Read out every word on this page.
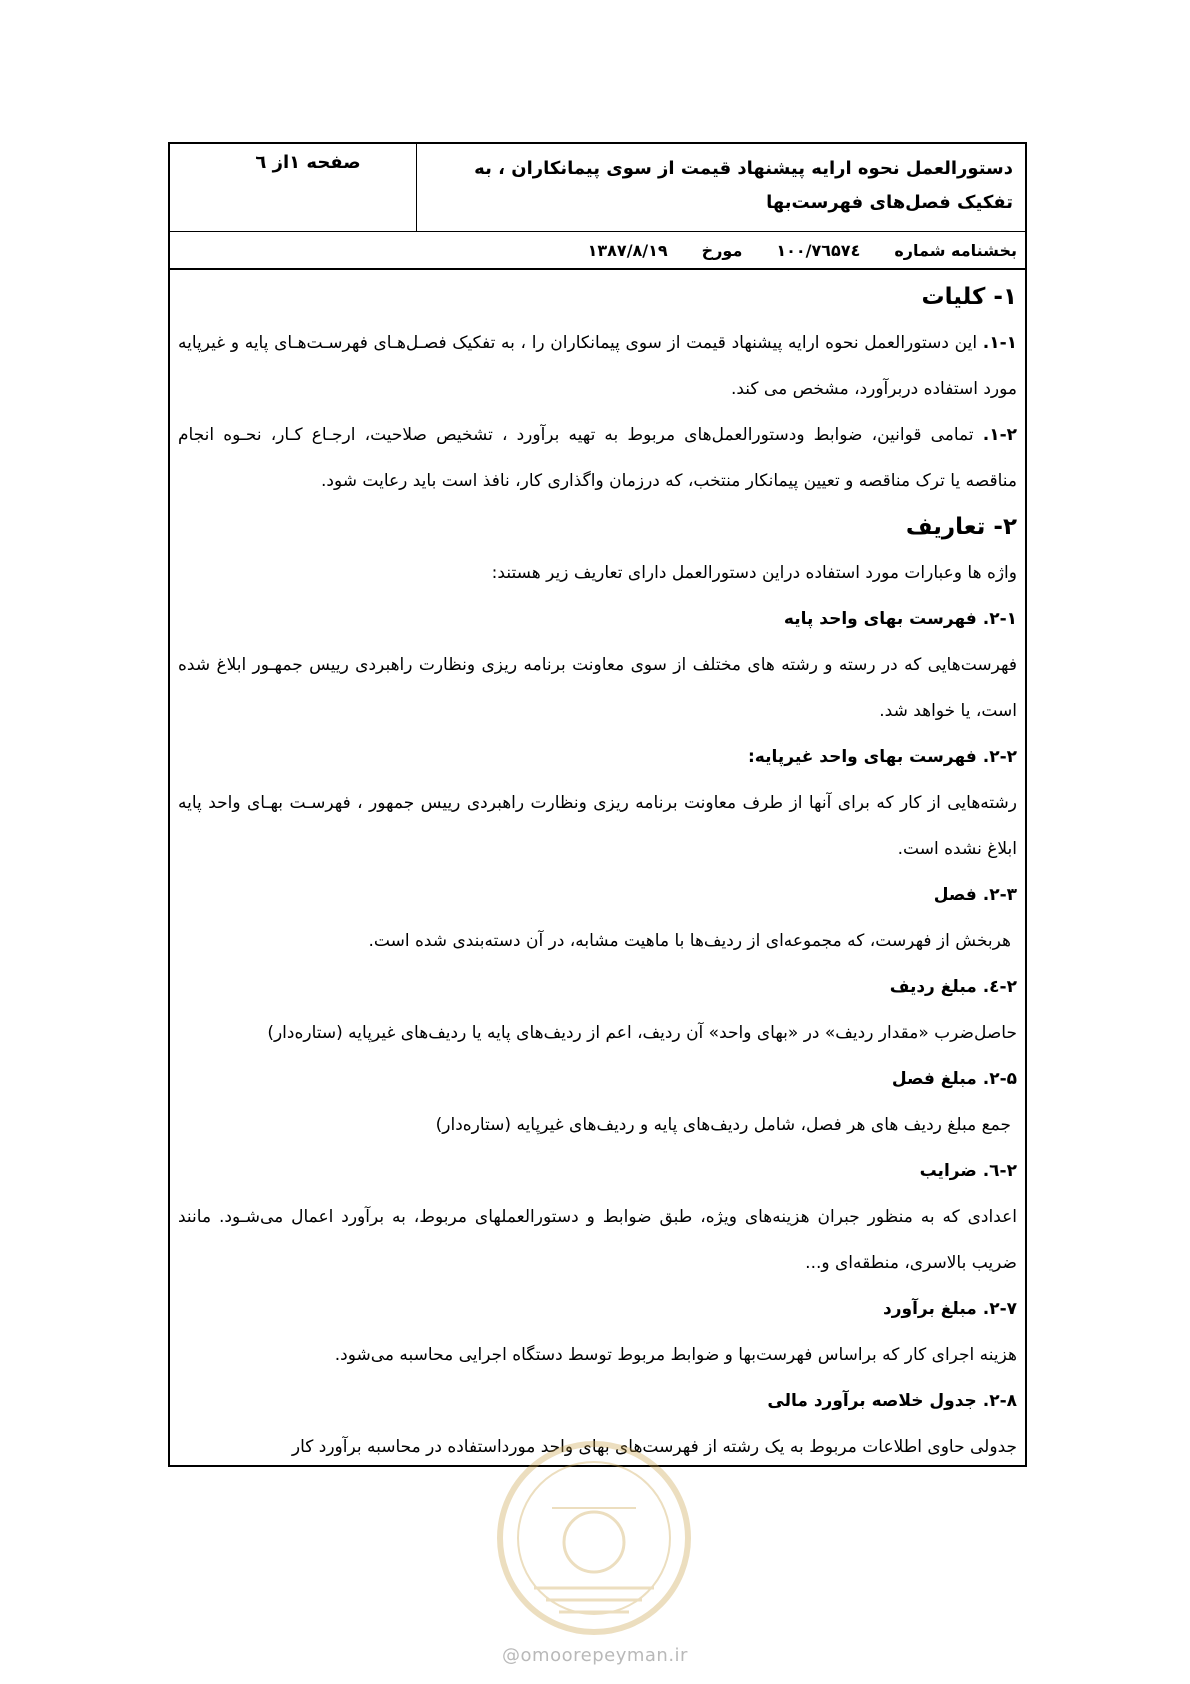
دستورالعمل نحوه ارایه پیشنهاد قیمت از سوی پیمانکاران ، به تفکیک فصل‌های فهرست‌بها
صفحه ۱از ٦
بخشنامه شماره
۱۰۰/۷٦۵۷٤
مورخ
۱۳۸۷/۸/۱۹

۱- کلیات

۱-۱. این دستورالعمل نحوه ارایه پیشنهاد قیمت از سوی پیمانکاران را ، به تفکیک فصـل‌هـای فهرسـت‌هـای پایه و غیرپایه مورد استفاده دربرآورد، مشخص می کند.

۱-۲. تمامی قوانین، ضوابط ودستورالعمل‌های مربوط به تهیه برآورد ، تشخیص صلاحیت، ارجـاع کـار، نحـوه انجام مناقصه یا ترک مناقصه و تعیین پیمانکار منتخب، که درزمان واگذاری کار، نافذ است باید رعایت شود.

۲- تعاریف

واژه ها وعبارات مورد استفاده دراین دستورالعمل دارای تعاریف زیر هستند:

۲-۱. فهرست بهای واحد پایه

فهرست‌هایی که در رسته و رشته های مختلف از سوی معاونت برنامه ریزی ونظارت راهبردی رییس جمهـور ابلاغ شده است، یا خواهد شد.

۲-۲. فهرست بهای واحد غیرپایه:

رشته‌هایی از کار که برای آنها از طرف معاونت برنامه ریزی ونظارت راهبردی رییس جمهور ، فهرسـت بهـای واحد پایه ابلاغ نشده است.

۲-۳. فصل

هربخش از فهرست، که مجموعه‌ای از ردیف‌ها با ماهیت مشابه، در آن دسته‌بندی شده است.

۲-٤. مبلغ ردیف

حاصل‌ضرب «مقدار ردیف» در «بهای واحد» آن ردیف، اعم از ردیف‌های پایه یا ردیف‌های غیرپایه (ستاره‌دار)

۲-۵. مبلغ فصل

جمع مبلغ ردیف های هر فصل، شامل ردیف‌های پایه و ردیف‌های غیرپایه (ستاره‌دار)

۲-٦. ضرایب

اعدادی که به منظور جبران هزینه‌های ویژه، طبق ضوابط و دستورالعملهای مربوط، به برآورد اعمال می‌شـود. مانند ضریب بالاسری، منطقه‌ای و...

۲-۷. مبلغ برآورد

هزینه اجرای کار که براساس فهرست‌بها و ضوابط مربوط توسط دستگاه اجرایی محاسبه می‌شود.

۲-۸. جدول خلاصه برآورد مالی

جدولی حاوی اطلاعات مربوط به یک رشته از فهرست‌های بهای واحد مورداستفاده در محاسبه برآورد کار

@omoorepeyman.ir
